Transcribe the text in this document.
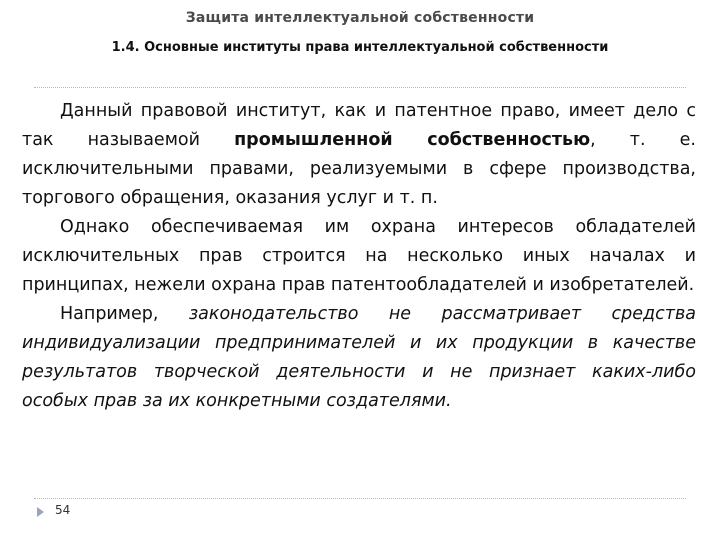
Защита интеллектуальной собственности
1.4. Основные институты права интеллектуальной собственности

Данный правовой институт, как и патентное право, имеет дело с так называемой промышленной собственностью, т. е. исключительными правами, реализуемыми в сфере производства, торгового обращения, оказания услуг и т. п.

Однако обеспечиваемая им охрана интересов обладателей исключительных прав строится на несколько иных началах и принципах, нежели охрана прав патентообладателей и изобретателей.

Например, законодательство не рассматривает средства индивидуализации предпринимателей и их продукции в качестве результатов творческой деятельности и не признает каких-либо особых прав за их конкретными создателями.

54
